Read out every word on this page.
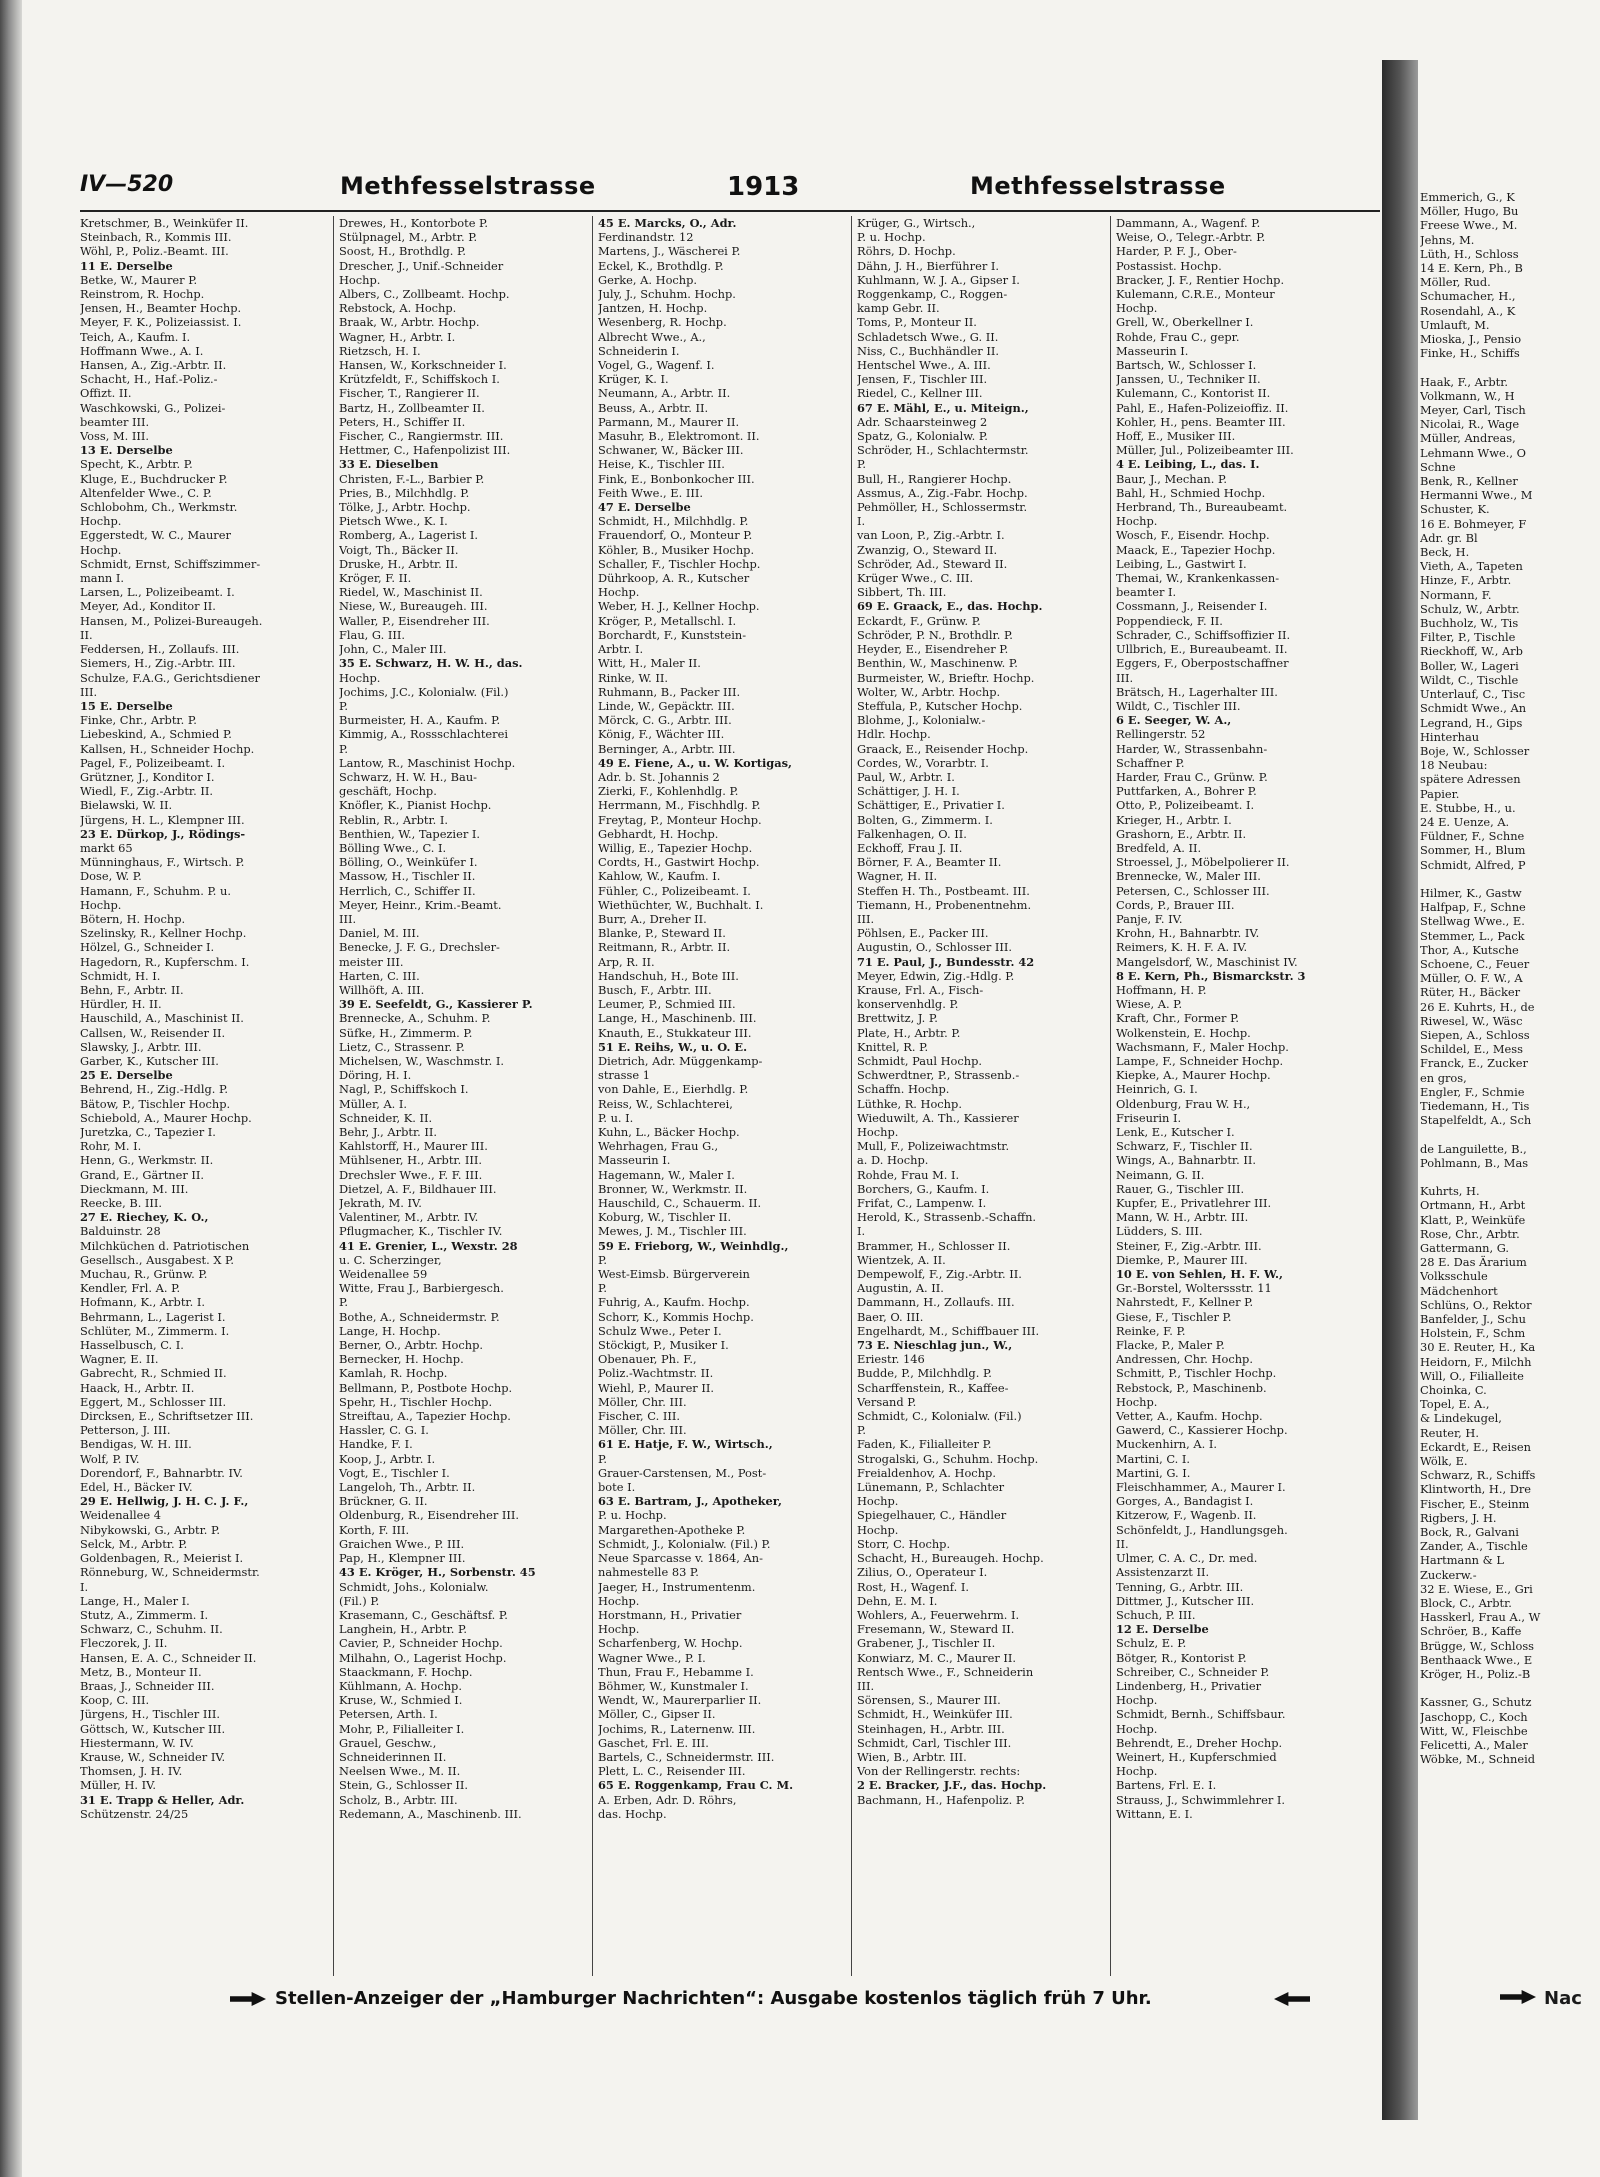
IV—520	Methfesselstrasse	1913	Methfesselstrasse
Kretschmer, B., Weinküfer II.
Steinbach, R., Kommis III.
Wöhl, P., Poliz.-Beamt. III.
11 E. Derselbe
Betke, W., Maurer P.
Reinstrom, R. Hochp.
Jensen, H., Beamter Hochp.
Meyer, F. K., Polizeiassist. I.
Teich, A., Kaufm. I.
Hoffmann Wwe., A. I.
Hansen, A., Zig.-Arbtr. II.
Schacht, H., Haf.-Poliz.-
Offizt. II.
Waschkowski, G., Polizei-
beamter III.
Voss, M. III.
13 E. Derselbe
Specht, K., Arbtr. P.
Kluge, E., Buchdrucker P.
Altenfelder Wwe., C. P.
Schlobohm, Ch., Werkmstr.
Hochp.
Eggerstedt, W. C., Maurer
Hochp.
Schmidt, Ernst, Schiffszimmer-
mann I.
Larsen, L., Polizeibeamt. I.
Meyer, Ad., Konditor II.
Hansen, M., Polizei-Bureaugeh.
II.
Feddersen, H., Zollaufs. III.
Siemers, H., Zig.-Arbtr. III.
Schulze, F.A.G., Gerichtsdiener
III.
15 E. Derselbe
Finke, Chr., Arbtr. P.
Liebeskind, A., Schmied P.
Kallsen, H., Schneider Hochp.
Pagel, F., Polizeibeamt. I.
Grützner, J., Konditor I.
Wiedl, F., Zig.-Arbtr. II.
Bielawski, W. II.
Jürgens, H. L., Klempner III.
23 E. Dürkop, J., Rödings-
markt 65
Münninghaus, F., Wirtsch. P.
Dose, W. P.
Hamann, F., Schuhm. P. u.
Hochp.
Bötern, H. Hochp.
Szelinsky, R., Kellner Hochp.
Hölzel, G., Schneider I.
Hagedorn, R., Kupferschm. I.
Schmidt, H. I.
Behn, F., Arbtr. II.
Hürdler, H. II.
Hauschild, A., Maschinist II.
Callsen, W., Reisender II.
Slawsky, J., Arbtr. III.
Garber, K., Kutscher III.
25 E. Derselbe
Behrend, H., Zig.-Hdlg. P.
Bätow, P., Tischler Hochp.
Schiebold, A., Maurer Hochp.
Juretzka, C., Tapezier I.
Rohr, M. I.
Henn, G., Werkmstr. II.
Grand, E., Gärtner II.
Dieckmann, M. III.
Reecke, B. III.
27 E. Riechey, K. O.,
Balduinstr. 28
Milchküchen d. Patriotischen
Gesellsch., Ausgabest. X P.
Muchau, R., Grünw. P.
Kendler, Frl. A. P.
Hofmann, K., Arbtr. I.
Behrmann, L., Lagerist I.
Schlüter, M., Zimmerm. I.
Hasselbusch, C. I.
Wagner, E. II.
Gabrecht, R., Schmied II.
Haack, H., Arbtr. II.
Eggert, M., Schlosser III.
Dircksen, E., Schriftsetzer III.
Petterson, J. III.
Bendigas, W. H. III.
Wolf, P. IV.
Dorendorf, F., Bahnarbtr. IV.
Edel, H., Bäcker IV.
29 E. Hellwig, J. H. C. J. F.,
Weidenallee 4
Nibykowski, G., Arbtr. P.
Selck, M., Arbtr. P.
Goldenbagen, R., Meierist I.
Rönneburg, W., Schneidermstr.
I.
Lange, H., Maler I.
Stutz, A., Zimmerm. I.
Schwarz, C., Schuhm. II.
Fleczorek, J. II.
Hansen, E. A. C., Schneider II.
Metz, B., Monteur II.
Braas, J., Schneider III.
Koop, C. III.
Jürgens, H., Tischler III.
Göttsch, W., Kutscher III.
Hiestermann, W. IV.
Krause, W., Schneider IV.
Thomsen, J. H. IV.
Müller, H. IV.
31 E. Trapp & Heller, Adr.
Schützenstr. 24/25
Drewes, H., Kontorbote P.
Stülpnagel, M., Arbtr. P.
Soost, H., Brothdlg. P.
Drescher, J., Unif.-Schneider
Hochp.
Albers, C., Zollbeamt. Hochp.
Rebstock, A. Hochp.
Braak, W., Arbtr. Hochp.
Wagner, H., Arbtr. I.
Rietzsch, H. I.
Hansen, W., Korkschneider I.
Krützfeldt, F., Schiffskoch I.
Fischer, T., Rangierer II.
Bartz, H., Zollbeamter II.
Peters, H., Schiffer II.
Fischer, C., Rangiermstr. III.
Hettmer, C., Hafenpolizist III.
33 E. Dieselben
Christen, F.-L., Barbier P.
Pries, B., Milchhdlg. P.
Tölke, J., Arbtr. Hochp.
Pietsch Wwe., K. I.
Romberg, A., Lagerist I.
Voigt, Th., Bäcker II.
Druske, H., Arbtr. II.
Kröger, F. II.
Riedel, W., Maschinist II.
Niese, W., Bureaugeh. III.
Waller, P., Eisendreher III.
Flau, G. III.
John, C., Maler III.
35 E. Schwarz, H. W. H., das.
Hochp.
Jochims, J.C., Kolonialw. (Fil.)
P.
Burmeister, H. A., Kaufm. P.
Kimmig, A., Rossschlachterei
P.
Lantow, R., Maschinist Hochp.
Schwarz, H. W. H., Bau-
geschäft, Hochp.
Knöfler, K., Pianist Hochp.
Reblin, R., Arbtr. I.
Benthien, W., Tapezier I.
Bölling Wwe., C. I.
Bölling, O., Weinküfer I.
Massow, H., Tischler II.
Herrlich, C., Schiffer II.
Meyer, Heinr., Krim.-Beamt.
III.
Daniel, M. III.
Benecke, J. F. G., Drechsler-
meister III.
Harten, C. III.
Willhöft, A. III.
39 E. Seefeldt, G., Kassierer P.
Brennecke, A., Schuhm. P.
Süfke, H., Zimmerm. P.
Lietz, C., Strassenr. P.
Michelsen, W., Waschmstr. I.
Döring, H. I.
Nagl, P., Schiffskoch I.
Müller, A. I.
Schneider, K. II.
Behr, J., Arbtr. II.
Kahlstorff, H., Maurer III.
Mühlsener, H., Arbtr. III.
Drechsler Wwe., F. F. III.
Dietzel, A. F., Bildhauer III.
Jekrath, M. IV.
Valentiner, M., Arbtr. IV.
Pflugmacher, K., Tischler IV.
41 E. Grenier, L., Wexstr. 28
u. C. Scherzinger,
Weidenallee 59
Witte, Frau J., Barbiergesch.
P.
Bothe, A., Schneidermstr. P.
Lange, H. Hochp.
Berner, O., Arbtr. Hochp.
Bernecker, H. Hochp.
Kamlah, R. Hochp.
Bellmann, P., Postbote Hochp.
Spehr, H., Tischler Hochp.
Streiftau, A., Tapezier Hochp.
Hassler, C. G. I.
Handke, F. I.
Koop, J., Arbtr. I.
Vogt, E., Tischler I.
Langeloh, Th., Arbtr. II.
Brückner, G. II.
Oldenburg, R., Eisendreher III.
Korth, F. III.
Graichen Wwe., P. III.
Pap, H., Klempner III.
43 E. Kröger, H., Sorbenstr. 45
Schmidt, Johs., Kolonialw.
(Fil.) P.
Krasemann, C., Geschäftsf. P.
Langhein, H., Arbtr. P.
Cavier, P., Schneider Hochp.
Milhahn, O., Lagerist Hochp.
Staackmann, F. Hochp.
Kühlmann, A. Hochp.
Kruse, W., Schmied I.
Petersen, Arth. I.
Mohr, P., Filialleiter I.
Grauel, Geschw.,
Schneiderinnen II.
Neelsen Wwe., M. II.
Stein, G., Schlosser II.
Scholz, B., Arbtr. III.
Redemann, A., Maschinenb. III.
45 E. Marcks, O., Adr.
Ferdinandstr. 12
Martens, J., Wäscherei P.
Eckel, K., Brothdlg. P.
Gerke, A. Hochp.
July, J., Schuhm. Hochp.
Jantzen, H. Hochp.
Wesenberg, R. Hochp.
Albrecht Wwe., A.,
Schneiderin I.
Vogel, G., Wagenf. I.
Krüger, K. I.
Neumann, A., Arbtr. II.
Beuss, A., Arbtr. II.
Parmann, M., Maurer II.
Masuhr, B., Elektromont. II.
Schwaner, W., Bäcker III.
Heise, K., Tischler III.
Fink, E., Bonbonkocher III.
Feith Wwe., E. III.
47 E. Derselbe
Schmidt, H., Milchhdlg. P.
Frauendorf, O., Monteur P.
Köhler, B., Musiker Hochp.
Schaller, F., Tischler Hochp.
Dührkoop, A. R., Kutscher
Hochp.
Weber, H. J., Kellner Hochp.
Kröger, P., Metallschl. I.
Borchardt, F., Kunststein-
Arbtr. I.
Witt, H., Maler II.
Rinke, W. II.
Ruhmann, B., Packer III.
Linde, W., Gepäcktr. III.
Mörck, C. G., Arbtr. III.
König, F., Wächter III.
Berninger, A., Arbtr. III.
49 E. Fiene, A., u. W. Kortigas,
Adr. b. St. Johannis 2
Zierki, F., Kohlenhdlg. P.
Herrmann, M., Fischhdlg. P.
Freytag, P., Monteur Hochp.
Gebhardt, H. Hochp.
Willig, E., Tapezier Hochp.
Cordts, H., Gastwirt Hochp.
Kahlow, W., Kaufm. I.
Fühler, C., Polizeibeamt. I.
Wiethüchter, W., Buchhalt. I.
Burr, A., Dreher II.
Blanke, P., Steward II.
Reitmann, R., Arbtr. II.
Arp, R. II.
Handschuh, H., Bote III.
Busch, F., Arbtr. III.
Leumer, P., Schmied III.
Lange, H., Maschinenb. III.
Knauth, E., Stukkateur III.
51 E. Reihs, W., u. O. E.
Dietrich, Adr. Müggenkamp-
strasse 1
von Dahle, E., Eierhdlg. P.
Reiss, W., Schlachterei,
P. u. I.
Kuhn, L., Bäcker Hochp.
Wehrhagen, Frau G.,
Masseurin I.
Hagemann, W., Maler I.
Bronner, W., Werkmstr. II.
Hauschild, C., Schauerm. II.
Koburg, W., Tischler II.
Mewes, J. M., Tischler III.
59 E. Frieborg, W., Weinhdlg.,
P.
West-Eimsb. Bürgerverein
P.
Fuhrig, A., Kaufm. Hochp.
Schorr, K., Kommis Hochp.
Schulz Wwe., Peter I.
Stöckigt, P., Musiker I.
Obenauer, Ph. F.,
Poliz.-Wachtmstr. II.
Wiehl, P., Maurer II.
Möller, Chr. III.
Fischer, C. III.
Möller, Chr. III.
61 E. Hatje, F. W., Wirtsch.,
P.
Grauer-Carstensen, M., Post-
bote I.
63 E. Bartram, J., Apotheker,
P. u. Hochp.
Margarethen-Apotheke P.
Schmidt, J., Kolonialw. (Fil.) P.
Neue Sparcasse v. 1864, An-
nahmestelle 83 P.
Jaeger, H., Instrumentenm.
Hochp.
Horstmann, H., Privatier
Hochp.
Scharfenberg, W. Hochp.
Wagner Wwe., P. I.
Thun, Frau F., Hebamme I.
Böhmer, W., Kunstmaler I.
Wendt, W., Maurerparlier II.
Möller, C., Gipser II.
Jochims, R., Laternenw. III.
Gaschet, Frl. E. III.
Bartels, C., Schneidermstr. III.
Plett, L. C., Reisender III.
65 E. Roggenkamp, Frau C. M.
A. Erben, Adr. D. Röhrs,
das. Hochp.
Krüger, G., Wirtsch.,
P. u. Hochp.
Röhrs, D. Hochp.
Dähn, J. H., Bierführer I.
Kuhlmann, W. J. A., Gipser I.
Roggenkamp, C., Roggen-
kamp Gebr. II.
Toms, P., Monteur II.
Schladetsch Wwe., G. II.
Niss, C., Buchhändler II.
Hentschel Wwe., A. III.
Jensen, F., Tischler III.
Riedel, C., Kellner III.
67 E. Mähl, E., u. Miteign.,
Adr. Schaarsteinweg 2
Spatz, G., Kolonialw. P.
Schröder, H., Schlachtermstr.
P.
Bull, H., Rangierer Hochp.
Assmus, A., Zig.-Fabr. Hochp.
Pehmöller, H., Schlossermstr.
I.
van Loon, P., Zig.-Arbtr. I.
Zwanzig, O., Steward II.
Schröder, Ad., Steward II.
Krüger Wwe., C. III.
Sibbert, Th. III.
69 E. Graack, E., das. Hochp.
Eckardt, F., Grünw. P.
Schröder, P. N., Brothdlr. P.
Heyder, E., Eisendreher P.
Benthin, W., Maschinenw. P.
Burmeister, W., Brieftr. Hochp.
Wolter, W., Arbtr. Hochp.
Steffula, P., Kutscher Hochp.
Blohme, J., Kolonialw.-
Hdlr. Hochp.
Graack, E., Reisender Hochp.
Cordes, W., Vorarbtr. I.
Paul, W., Arbtr. I.
Schättiger, J. H. I.
Schättiger, E., Privatier I.
Bolten, G., Zimmerm. I.
Falkenhagen, O. II.
Eckhoff, Frau J. II.
Börner, F. A., Beamter II.
Wagner, H. II.
Steffen H. Th., Postbeamt. III.
Tiemann, H., Probenentnehm.
III.
Pöhlsen, E., Packer III.
Augustin, O., Schlosser III.
71 E. Paul, J., Bundesstr. 42
Meyer, Edwin, Zig.-Hdlg. P.
Krause, Frl. A., Fisch-
konservenhdlg. P.
Brettwitz, J. P.
Plate, H., Arbtr. P.
Knittel, R. P.
Schmidt, Paul Hochp.
Schwerdtner, P., Strassenb.-
Schaffn. Hochp.
Lüthke, R. Hochp.
Wieduwilt, A. Th., Kassierer
Hochp.
Mull, F., Polizeiwachtmstr.
a. D. Hochp.
Rohde, Frau M. I.
Borchers, G., Kaufm. I.
Frifat, C., Lampenw. I.
Herold, K., Strassenb.-Schaffn.
I.
Brammer, H., Schlosser II.
Wientzek, A. II.
Dempewolf, F., Zig.-Arbtr. II.
Augustin, A. II.
Dammann, H., Zollaufs. III.
Baer, O. III.
Engelhardt, M., Schiffbauer III.
73 E. Nieschlag jun., W.,
Eriestr. 146
Budde, P., Milchhdlg. P.
Scharffenstein, R., Kaffee-
Versand P.
Schmidt, C., Kolonialw. (Fil.)
P.
Faden, K., Filialleiter P.
Strogalski, G., Schuhm. Hochp.
Freialdenhov, A. Hochp.
Lünemann, P., Schlachter
Hochp.
Spiegelhauer, C., Händler
Hochp.
Storr, C. Hochp.
Schacht, H., Bureaugeh. Hochp.
Zilius, O., Operateur I.
Rost, H., Wagenf. I.
Dehn, E. M. I.
Wohlers, A., Feuerwehrm. I.
Fresemann, W., Steward II.
Grabener, J., Tischler II.
Konwiarz, M. C., Maurer II.
Rentsch Wwe., F., Schneiderin
III.
Sörensen, S., Maurer III.
Schmidt, H., Weinküfer III.
Steinhagen, H., Arbtr. III.
Schmidt, Carl, Tischler III.
Wien, B., Arbtr. III.
Von der Rellingerstr. rechts:
2 E. Bracker, J.F., das. Hochp.
Bachmann, H., Hafenpoliz. P.
Dammann, A., Wagenf. P.
Weise, O., Telegr.-Arbtr. P.
Harder, P. F. J., Ober-
Postassist. Hochp.
Bracker, J. F., Rentier Hochp.
Kulemann, C.R.E., Monteur
Hochp.
Grell, W., Oberkellner I.
Rohde, Frau C., gepr.
Masseurin I.
Bartsch, W., Schlosser I.
Janssen, U., Techniker II.
Kulemann, C., Kontorist II.
Pahl, E., Hafen-Polizeioffiz. II.
Kohler, H., pens. Beamter III.
Hoff, E., Musiker III.
Müller, Jul., Polizeibeamter III.
4 E. Leibing, L., das. I.
Baur, J., Mechan. P.
Bahl, H., Schmied Hochp.
Herbrand, Th., Bureaubeamt.
Hochp.
Wosch, F., Eisendr. Hochp.
Maack, E., Tapezier Hochp.
Leibing, L., Gastwirt I.
Themai, W., Krankenkassen-
beamter I.
Cossmann, J., Reisender I.
Poppendieck, F. II.
Schrader, C., Schiffsoffizier II.
Ullbrich, E., Bureaubeamt. II.
Eggers, F., Oberpostschaffner
III.
Brätsch, H., Lagerhalter III.
Wildt, C., Tischler III.
6 E. Seeger, W. A.,
Rellingerstr. 52
Harder, W., Strassenbahn-
Schaffner P.
Harder, Frau C., Grünw. P.
Puttfarken, A., Bohrer P.
Otto, P., Polizeibeamt. I.
Krieger, H., Arbtr. I.
Grashorn, E., Arbtr. II.
Bredfeld, A. II.
Stroessel, J., Möbelpolierer II.
Brennecke, W., Maler III.
Petersen, C., Schlosser III.
Cords, P., Brauer III.
Panje, F. IV.
Krohn, H., Bahnarbtr. IV.
Reimers, K. H. F. A. IV.
Mangelsdorf, W., Maschinist IV.
8 E. Kern, Ph., Bismarckstr. 3
Hoffmann, H. P.
Wiese, A. P.
Kraft, Chr., Former P.
Wolkenstein, E. Hochp.
Wachsmann, F., Maler Hochp.
Lampe, F., Schneider Hochp.
Kiepke, A., Maurer Hochp.
Heinrich, G. I.
Oldenburg, Frau W. H.,
Friseurin I.
Lenk, E., Kutscher I.
Schwarz, F., Tischler II.
Wings, A., Bahnarbtr. II.
Neimann, G. II.
Rauer, G., Tischler III.
Kupfer, E., Privatlehrer III.
Mann, W. H., Arbtr. III.
Lüdders, S. III.
Steiner, F., Zig.-Arbtr. III.
Diemke, P., Maurer III.
10 E. von Sehlen, H. F. W.,
Gr.-Borstel, Wolterssstr. 11
Nahrstedt, F., Kellner P.
Giese, F., Tischler P.
Reinke, F. P.
Flacke, P., Maler P.
Andressen, Chr. Hochp.
Schmitt, P., Tischler Hochp.
Rebstock, P., Maschinenb.
Hochp.
Vetter, A., Kaufm. Hochp.
Gawerd, C., Kassierer Hochp.
Muckenhirn, A. I.
Martini, C. I.
Martini, G. I.
Fleischhammer, A., Maurer I.
Gorges, A., Bandagist I.
Kitzerow, F., Wagenb. II.
Schönfeldt, J., Handlungsgeh.
II.
Ulmer, C. A. C., Dr. med.
Assistenzarzt II.
Tenning, G., Arbtr. III.
Dittmer, J., Kutscher III.
Schuch, P. III.
12 E. Derselbe
Schulz, E. P.
Bötger, R., Kontorist P.
Schreiber, C., Schneider P.
Lindenberg, H., Privatier
Hochp.
Schmidt, Bernh., Schiffsbaur.
Hochp.
Behrendt, E., Dreher Hochp.
Weinert, H., Kupferschmied
Hochp.
Bartens, Frl. E. I.
Strauss, J., Schwimmlehrer I.
Wittann, E. I.
Stellen-Anzeiger der „Hamburger Nachrichten“: Ausgabe kostenlos täglich früh 7 Uhr.
Emmerich, G., K
Möller, Hugo, Bu
Freese Wwe., M.
Jehns, M.
Lüth, H., Schloss
14 E. Kern, Ph., B
Möller, Rud.
Schumacher, H.,
Rosendahl, A., K
Umlauft, M.
Mioska, J., Pensio
Finke, H., Schiffs
Haak, F., Arbtr.
Volkmann, W., H
Meyer, Carl, Tisch
Nicolai, R., Wage
Müller, Andreas,
Lehmann Wwe., O
Schne
Benk, R., Kellner
Hermanni Wwe., M
Schuster, K.
16 E. Bohmeyer, F
Adr. gr. Bl
Beck, H.
Vieth, A., Tapeten
Hinze, F., Arbtr.
Normann, F.
Schulz, W., Arbtr.
Buchholz, W., Tis
Filter, P., Tischle
Rieckhoff, W., Arb
Boller, W., Lageri
Wildt, C., Tischle
Unterlauf, C., Tisc
Schmidt Wwe., An
Legrand, H., Gips
Hinterhau
Boje, W., Schlosser
18 Neubau:
spätere Adressen
Papier.
E. Stubbe, H., u.
24 E. Uenze, A.
Füldner, F., Schne
Sommer, H., Blum
Schmidt, Alfred, P
Hilmer, K., Gastw
Halfpap, F., Schne
Stellwag Wwe., E.
Stemmer, L., Pack
Thor, A., Kutsche
Schoene, C., Feuer
Müller, O. F. W., A
Rüter, H., Bäcker
26 E. Kuhrts, H., de
Riwesel, W., Wäsc
Siepen, A., Schloss
Schildel, E., Mess
Franck, E., Zucker
en gros,
Engler, F., Schmie
Tiedemann, H., Tis
Stapelfeldt, A., Sch
de Languilette, B.,
Pohlmann, B., Mas
Kuhrts, H.
Ortmann, H., Arbt
Klatt, P., Weinküfe
Rose, Chr., Arbtr.
Gattermann, G.
28 E. Das Ärarium
Volksschule
Mädchenhort
Schlüns, O., Rektor
Banfelder, J., Schu
Holstein, F., Schm
30 E. Reuter, H., Ka
Heidorn, F., Milchh
Will, O., Filialleite
Choinka, C.
Topel, E. A.,
& Lindekugel,
Reuter, H.
Eckardt, E., Reisen
Wölk, E.
Schwarz, R., Schiffs
Klintworth, H., Dre
Fischer, E., Steinm
Rigbers, J. H.
Bock, R., Galvani
Zander, A., Tischle
Hartmann & L
Zuckerw.-
32 E. Wiese, E., Gri
Block, C., Arbtr.
Hasskerl, Frau A., W
Schröer, B., Kaffe
Brügge, W., Schloss
Benthaack Wwe., E
Kröger, H., Poliz.-B
Kassner, G., Schutz
Jaschopp, C., Koch
Witt, W., Fleischbe
Felicetti, A., Maler
Wöbke, M., Schneid
Nac
